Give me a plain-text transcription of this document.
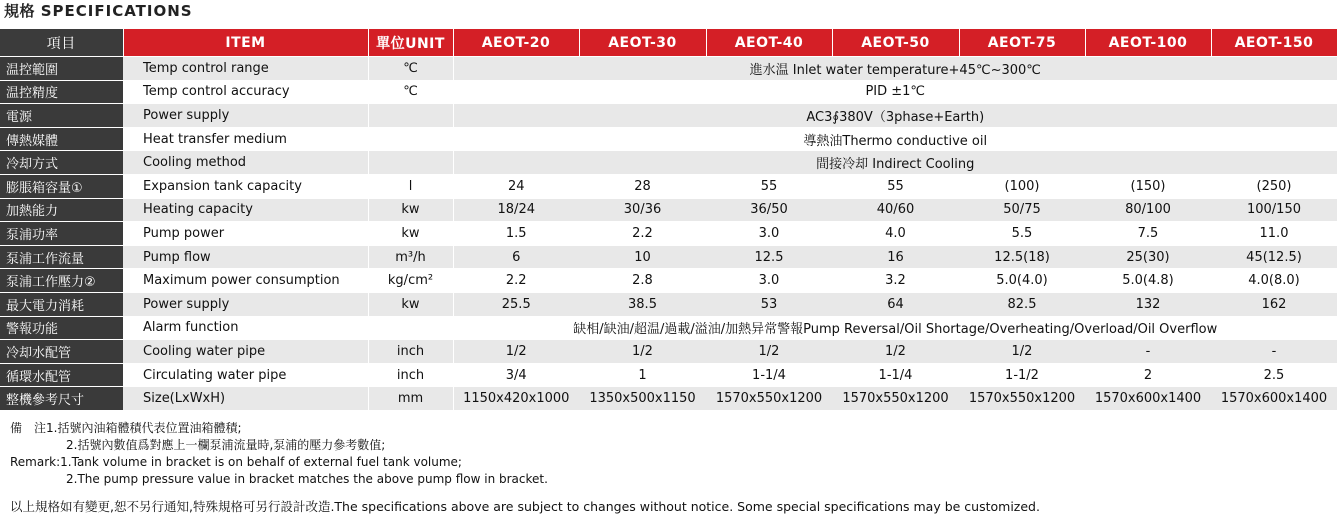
規格 SPECIFICATIONS
項目	ITEM	單位UNIT	AEOT-20	AEOT-30	AEOT-40	AEOT-50	AEOT-75	AEOT-100	AEOT-150
温控範圍	Temp control range	℃	進水温 Inlet water temperature+45℃~300℃						
温控精度	Temp control accuracy	℃	PID ±1℃						
電源	Power supply		AC3∮380V（3phase+Earth)						
傳熱媒體	Heat transfer medium		導熱油Thermo conductive oil						
冷却方式	Cooling method		間接冷却 Indirect Cooling						
膨脹箱容量①	Expansion tank capacity	l	24	28	55	55	(100)	(150)	(250)
加熱能力	Heating capacity	kw	18/24	30/36	36/50	40/60	50/75	80/100	100/150
泵浦功率	Pump power	kw	1.5	2.2	3.0	4.0	5.5	7.5	11.0
泵浦工作流量	Pump flow	m³/h	6	10	12.5	16	12.5(18)	25(30)	45(12.5)
泵浦工作壓力②	Maximum power consumption	kg/cm²	2.2	2.8	3.0	3.2	5.0(4.0)	5.0(4.8)	4.0(8.0)
最大電力消耗	Power supply	kw	25.5	38.5	53	64	82.5	132	162
警報功能	Alarm function		缺相/缺油/超温/過載/溢油/加熱异常警報Pump Reversal/Oil Shortage/Overheating/Overload/Oil Overflow						
冷却水配管	Cooling water pipe	inch	1/2	1/2	1/2	1/2	1/2	-	-
循環水配管	Circulating water pipe	inch	3/4	1	1-1/4	1-1/4	1-1/2	2	2.5
整機參考尺寸	Size(LxWxH)	mm	1150x420x1000	1350x500x1150	1570x550x1200	1570x550x1200	1570x550x1200	1570x600x1400	1570x600x1400
備　注1.括號內油箱體積代表位置油箱體積;
2.括號內數值爲對應上一欄泵浦流量時,泵浦的壓力參考數值;
Remark:1.Tank volume in bracket is on behalf of external fuel tank volume;
2.The pump pressure value in bracket matches the above pump flow in bracket.
以上規格如有變更,恕不另行通知,特殊規格可另行設計改造.The specifications above are subject to changes without notice. Some special specifications may be customized.
